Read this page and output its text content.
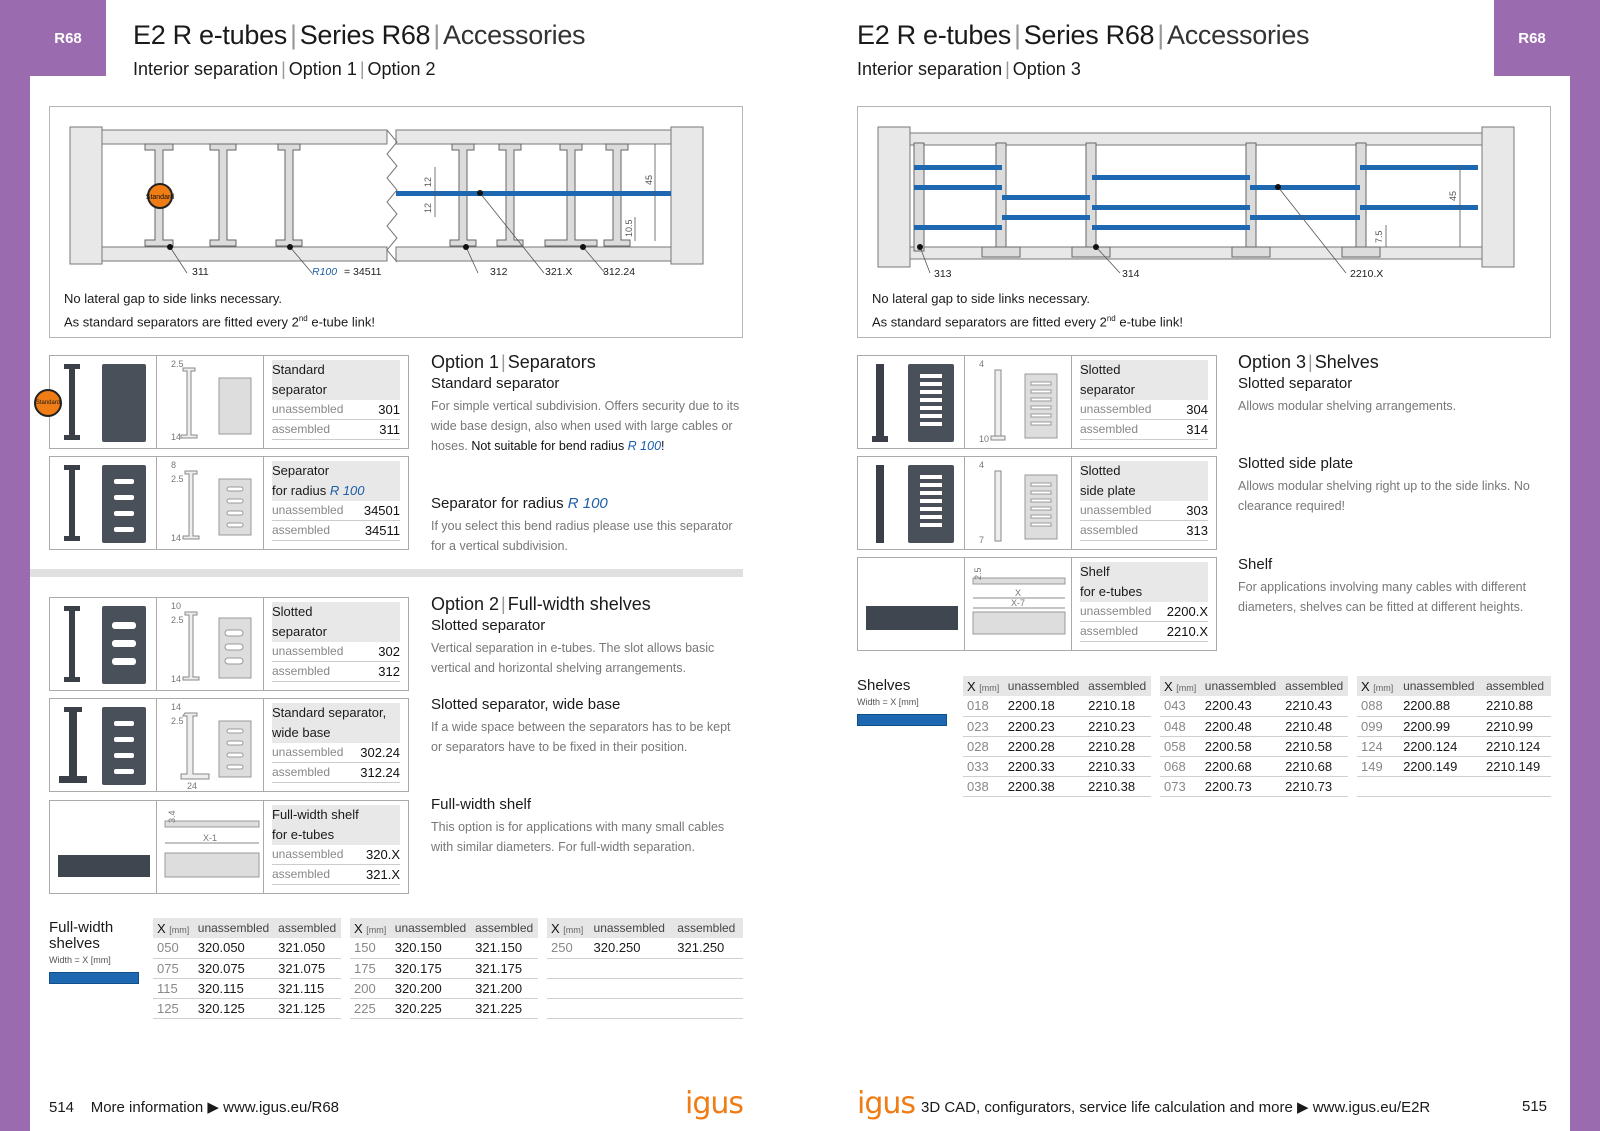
R68	R68
E2 R e-tubes | Series R68 | Accessories
Interior separation | Option 1 | Option 2
Standard
311	R100 = 34511	312	321.X	312.24
12
12
45
10.5
No lateral gap to side links necessary.
As standard separators are fitted every 2nd e-tube link!
2.5
14
Standard
separator
unassembled	301
assembled	311
Standard
8
2.5
14
Separator
for radius R 100
unassembled 34501
assembled	34511
10
2.5
14
Slotted
separator
unassembled	302
assembled	312
14
2.5
24
Standard separator,
wide base
unassembled 302.24
assembled 312.24
3.4
X-1
Full-width shelf
for e-tubes
unassembled 320.X
assembled	321.X
Option 1 | Separators
Standard separator
For simple vertical subdivision. Offers security due to its wide base design, also when used with large cables or hoses. Not suitable for bend radius R 100!
Separator for radius R 100
If you select this bend radius please use this separator for a vertical subdivision.
Option 2 | Full-width shelves
Slotted separator
Vertical separation in e-tubes. The slot allows basic vertical and horizontal shelving arrangements.
Slotted separator, wide base
If a wide space between the separators has to be kept or separators have to be fixed in their position.
Full-width shelf
This option is for applications with many small cables with similar diameters. For full-width separation.
Full-width
shelves
Width = X [mm]
X [mm]	unassembled	assembled
050	320.050	321.050
075	320.075	321.075
115	320.115	321.115
125	320.125	321.125
X [mm]	unassembled	assembled
150	320.150	321.150
175	320.175	321.175
200	320.200	321.200
225	320.225	321.225
X [mm]	unassembled	assembled
250	320.250	321.250

514 More information ▶ www.igus.eu/R68	igus
E2 R e-tubes | Series R68 | Accessories
Interior separation | Option 3
313	314	2210.X
45
7.5
No lateral gap to side links necessary.
As standard separators are fitted every 2nd e-tube link!
4
10
Slotted
separator
unassembled	304
assembled	314
4
7
Slotted
side plate
unassembled	303
assembled	313
2.5
X
X-7
Shelf
for e-tubes
unassembled 2200.X
assembled 2210.X
Option 3 | Shelves
Slotted separator
Allows modular shelving arrangements.
Slotted side plate
Allows modular shelving right up to the side links. No clearance required!
Shelf
For applications involving many cables with different diameters, shelves can be fitted at different heights.
Shelves
Width = X [mm]
X [mm]	unassembled	assembled
018	2200.18	2210.18
023	2200.23	2210.23
028	2200.28	2210.28
033	2200.33	2210.33
038	2200.38	2210.38
X [mm]	unassembled	assembled
043	2200.43	2210.43
048	2200.48	2210.48
058	2200.58	2210.58
068	2200.68	2210.68
073	2200.73	2210.73
X [mm]	unassembled	assembled
088	2200.88	2210.88
099	2200.99	2210.99
124	2200.124	2210.124
149	2200.149	2210.149

igus 3D CAD, configurators, service life calculation and more ▶ www.igus.eu/E2R	515
